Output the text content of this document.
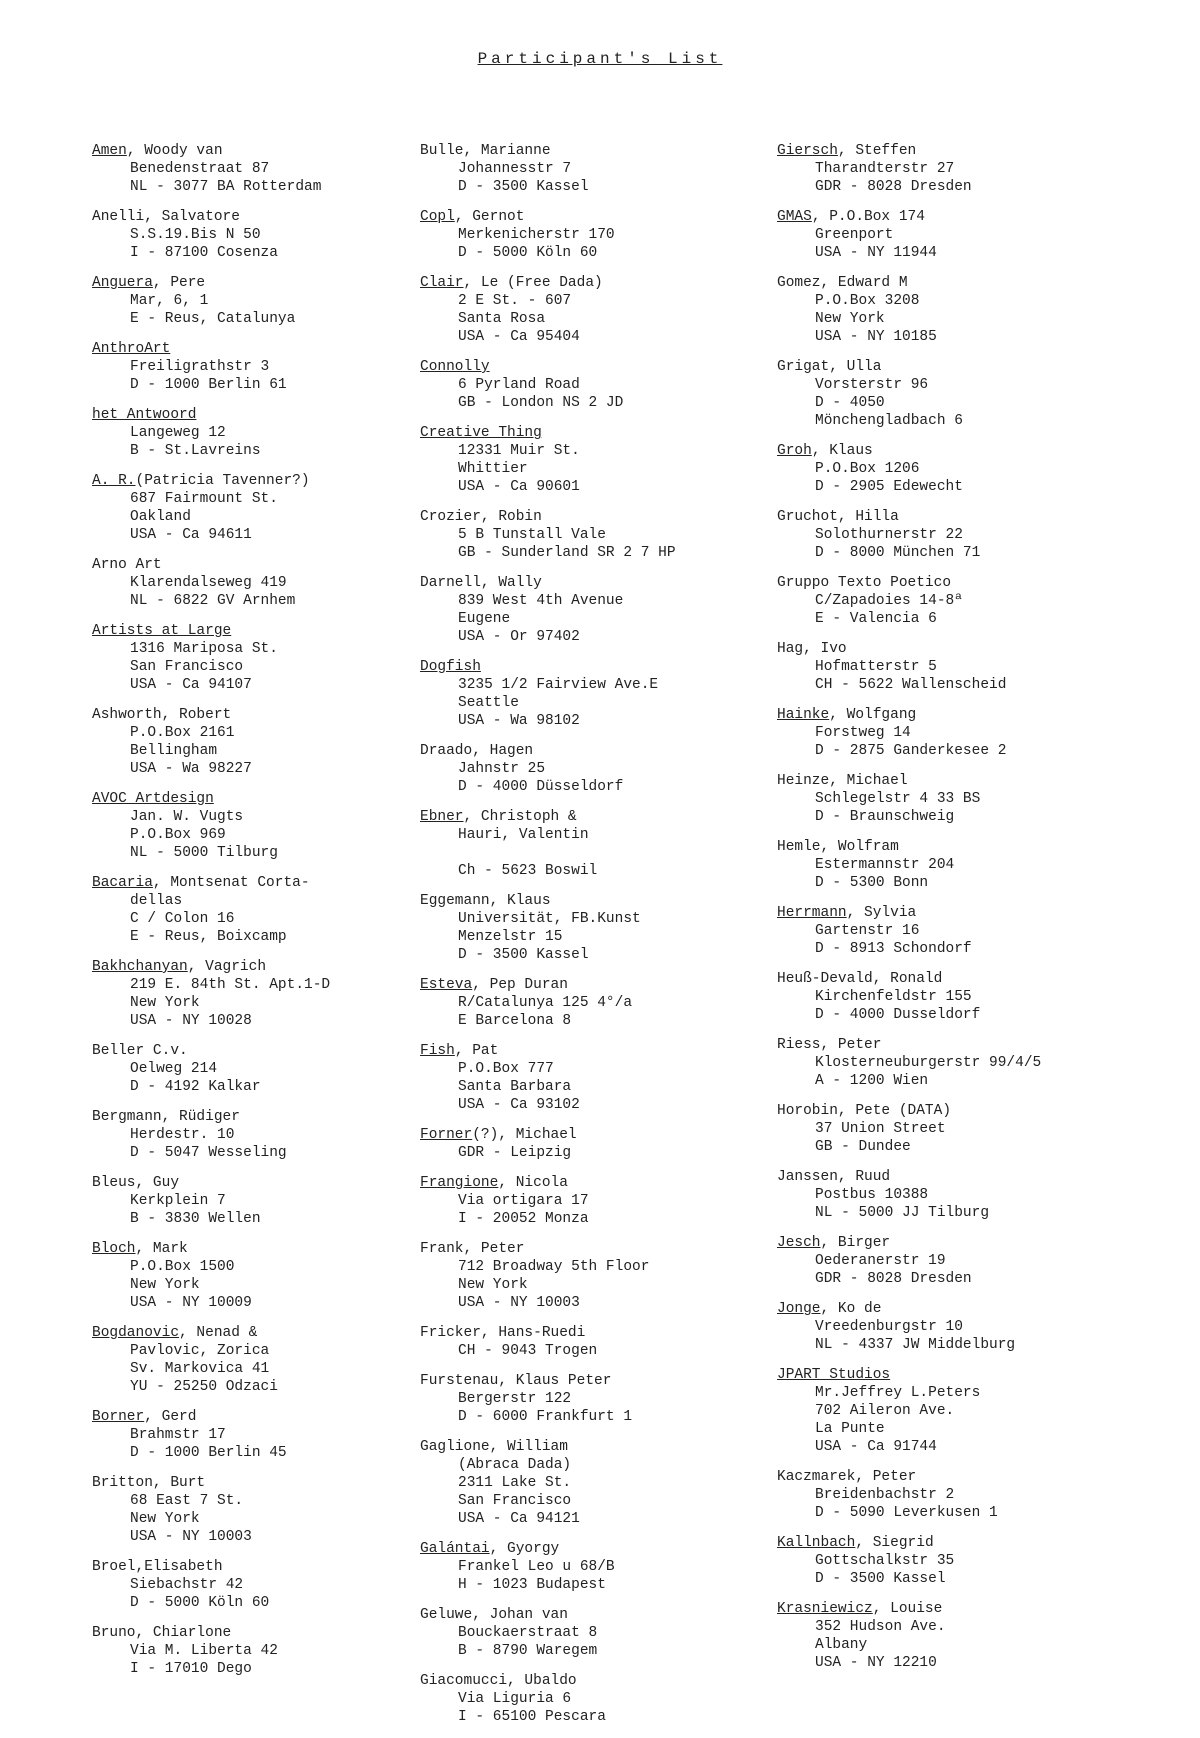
Participant's List
Amen, Woody van
Benedenstraat 87
NL - 3077 BA Rotterdam
Anelli, Salvatore
S.S.19.Bis N 50
I - 87100 Cosenza
Anguera, Pere
Mar, 6, 1
E - Reus, Catalunya
AnthroArt
Freiligrathstr 3
D - 1000 Berlin 61
het Antwoord
Langeweg 12
B - St.Lavreins
A. R.(Patricia Tavenner?)
687 Fairmount St.
Oakland
USA - Ca 94611
Arno Art
Klarendalseweg 419
NL - 6822 GV Arnhem
Artists at Large
1316 Mariposa St.
San Francisco
USA - Ca 94107
Ashworth, Robert
P.O.Box 2161
Bellingham
USA - Wa 98227
AVOC Artdesign
Jan. W. Vugts
P.O.Box 969
NL - 5000 Tilburg
Bacaria, Montsenat Corta-
dellas
C / Colon 16
E - Reus, Boixcamp
Bakhchanyan, Vagrich
219 E. 84th St. Apt.1-D
New York
USA - NY 10028
Beller C.v.
Oelweg 214
D - 4192 Kalkar
Bergmann, Rüdiger
Herdestr. 10
D - 5047 Wesseling
Bleus, Guy
Kerkplein 7
B - 3830 Wellen
Bloch, Mark
P.O.Box 1500
New York
USA - NY 10009
Bogdanovic, Nenad &
Pavlovic, Zorica
Sv. Markovica 41
YU - 25250 Odzaci
Borner, Gerd
Brahmstr 17
D - 1000 Berlin 45
Britton, Burt
68 East 7 St.
New York
USA - NY 10003
Broel,Elisabeth
Siebachstr 42
D - 5000 Köln 60
Bruno, Chiarlone
Via M. Liberta 42
I - 17010 Dego
Bulle, Marianne
Johannesstr 7
D - 3500 Kassel
Copl, Gernot
Merkenicherstr 170
D - 5000 Köln 60
Clair, Le (Free Dada)
2 E St. - 607
Santa Rosa
USA - Ca 95404
Connolly
6 Pyrland Road
GB - London NS 2 JD
Creative Thing
12331 Muir St.
Whittier
USA - Ca 90601
Crozier, Robin
5 B Tunstall Vale
GB - Sunderland SR 2 7 HP
Darnell, Wally
839 West 4th Avenue
Eugene
USA - Or 97402
Dogfish
3235 1/2 Fairview Ave.E
Seattle
USA - Wa 98102
Draado, Hagen
Jahnstr 25
D - 4000 Düsseldorf
Ebner, Christoph &
Hauri, Valentin

Ch - 5623 Boswil
Eggemann, Klaus
Universität, FB.Kunst
Menzelstr 15
D - 3500 Kassel
Esteva, Pep Duran
R/Catalunya 125 4°/a
E Barcelona 8
Fish, Pat
P.O.Box 777
Santa Barbara
USA - Ca 93102
Forner(?), Michael
GDR - Leipzig
Frangione, Nicola
Via ortigara 17
I - 20052 Monza
Frank, Peter
712 Broadway 5th Floor
New York
USA - NY 10003
Fricker, Hans-Ruedi
CH - 9043 Trogen
Furstenau, Klaus Peter
Bergerstr 122
D - 6000 Frankfurt 1
Gaglione, William
(Abraca Dada)
2311 Lake St.
San Francisco
USA - Ca 94121
Galántai, Gyorgy
Frankel Leo u 68/B
H - 1023 Budapest
Geluwe, Johan van
Bouckaerstraat 8
B - 8790 Waregem
Giacomucci, Ubaldo
Via Liguria 6
I - 65100 Pescara
Giersch, Steffen
Tharandterstr 27
GDR - 8028 Dresden
GMAS, P.O.Box 174
Greenport
USA - NY 11944
Gomez, Edward M
P.O.Box 3208
New York
USA - NY 10185
Grigat, Ulla
Vorsterstr 96
D - 4050
Mönchengladbach 6
Groh, Klaus
P.O.Box 1206
D - 2905 Edewecht
Gruchot, Hilla
Solothurnerstr 22
D - 8000 München 71
Gruppo Texto Poetico
C/Zapadoies 14-8ª
E - Valencia 6
Hag, Ivo
Hofmatterstr 5
CH - 5622 Wallenscheid
Hainke, Wolfgang
Forstweg 14
D - 2875 Ganderkesee 2
Heinze, Michael
Schlegelstr 4 33 BS
D - Braunschweig
Hemle, Wolfram
Estermannstr 204
D - 5300 Bonn
Herrmann, Sylvia
Gartenstr 16
D - 8913 Schondorf
Heuß-Devald, Ronald
Kirchenfeldstr 155
D - 4000 Dusseldorf
Riess, Peter
Klosterneuburgerstr 99/4/5
A - 1200 Wien
Horobin, Pete (DATA)
37 Union Street
GB - Dundee
Janssen, Ruud
Postbus 10388
NL - 5000 JJ Tilburg
Jesch, Birger
Oederanerstr 19
GDR - 8028 Dresden
Jonge, Ko de
Vreedenburgstr 10
NL - 4337 JW Middelburg
JPART Studios
Mr.Jeffrey L.Peters
702 Aileron Ave.
La Punte
USA - Ca 91744
Kaczmarek, Peter
Breidenbachstr 2
D - 5090 Leverkusen 1
Kallnbach, Siegrid
Gottschalkstr 35
D - 3500 Kassel
Krasniewicz, Louise
352 Hudson Ave.
Albany
USA - NY 12210
